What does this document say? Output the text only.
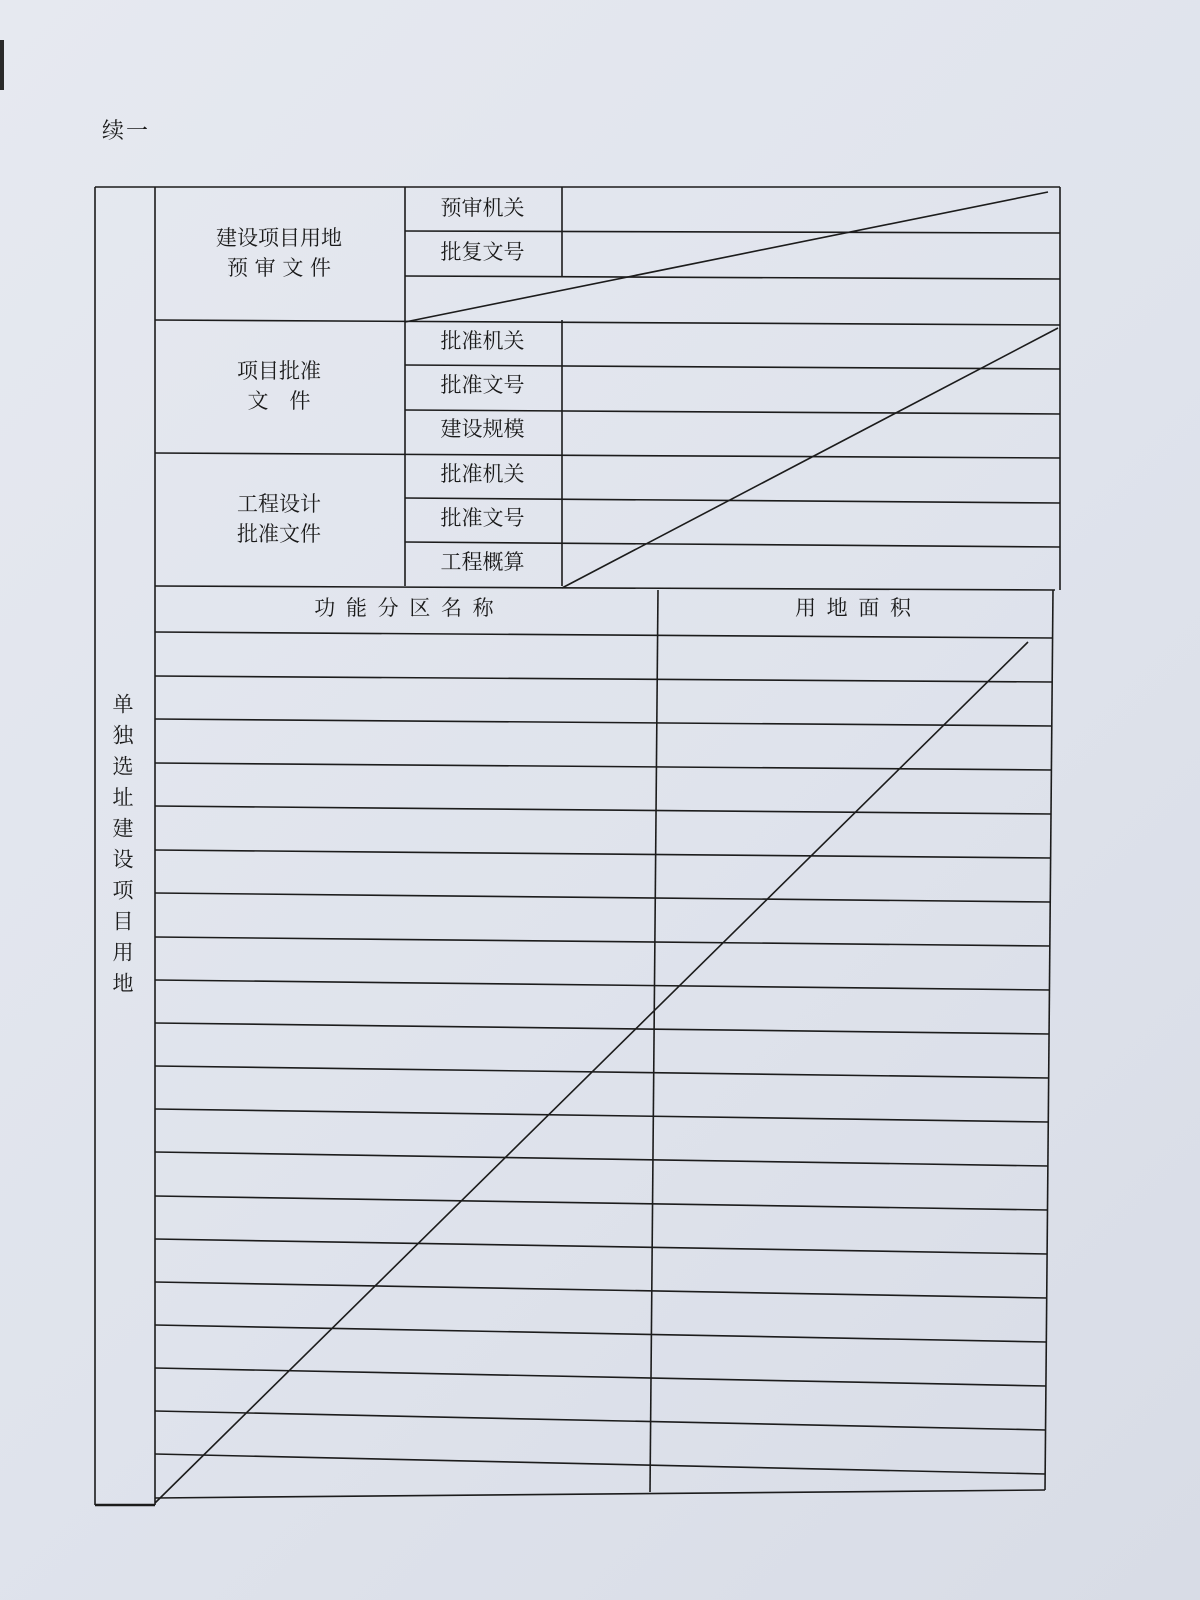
续一
单独选址建设项目用地
建设项目用地
预 审 文 件
项目批准
文　件
工程设计
批准文件
预审机关
批复文号
批准机关
批准文号
建设规模
批准机关
批准文号
工程概算
功 能 分 区 名 称	用 地 面 积
